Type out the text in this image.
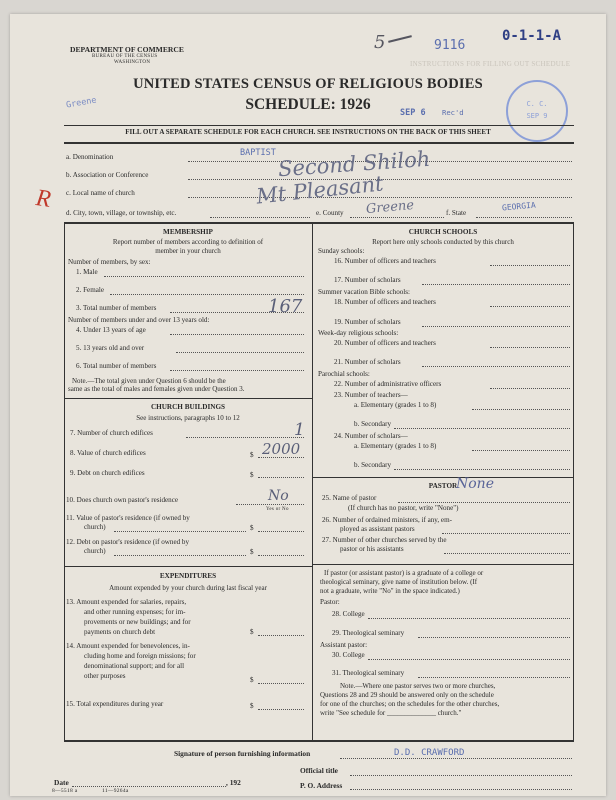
INSTRUCTIONS FOR FILLING OUT SCHEDULE
DEPARTMENT OF COMMERCE
BUREAU OF THE CENSUS
WASHINGTON
5	9116
0-1-1-A
Greene
UNITED STATES CENSUS OF RELIGIOUS BODIES
SCHEDULE: 1926	SEP 6 Rec'd
C. C.
SEP 9
FILL OUT A SEPARATE SCHEDULE FOR EACH CHURCH. SEE INSTRUCTIONS ON THE BACK OF THIS SHEET
a. Denomination	BAPTIST
b. Association or Conference	Second Shiloh
c. Local name of church	Mt Pleasant
R
d. City, town, village, or township, etc.	e. County Greene	f. State
GEORGIA
MEMBERSHIP
Report number of members according to definition of
member in your church
Number of members, by sex:
1. Male
2. Female
3. Total number of members	167
Number of members under and over 13 years old:
4. Under 13 years of age
5. 13 years old and over
6. Total number of members
Note.—The total given under Question 6 should be the
same as the total of males and females given under Question 3.
CHURCH BUILDINGS
See instructions, paragraphs 10 to 12
7. Number of church edifices	1
8. Value of church edifices	$ 2000
9. Debt on church edifices	$
10. Does church own pastor's residence	No
Yes or No
11. Value of pastor's residence (if owned by
church)	$
12. Debt on pastor's residence (if owned by
church)	$
EXPENDITURES
Amount expended by your church during last fiscal year
13. Amount expended for salaries, repairs,
and other running expenses; for im-
provements or new buildings; and for
payments on church debt	$
14. Amount expended for benevolences, in-
cluding home and foreign missions; for
denominational support; and for all
other purposes	$
15. Total expenditures during year	$
CHURCH SCHOOLS
Report here only schools conducted by this church
Sunday schools:
16. Number of officers and teachers
17. Number of scholars
Summer vacation Bible schools:
18. Number of officers and teachers
19. Number of scholars
Week-day religious schools:
20. Number of officers and teachers
21. Number of scholars
Parochial schools:
22. Number of administrative officers
23. Number of teachers—
a. Elementary (grades 1 to 8)
b. Secondary
24. Number of scholars—
a. Elementary (grades 1 to 8)
b. Secondary
PASTOR
None
25. Name of pastor
(If church has no pastor, write "None")
26. Number of ordained ministers, if any, em-
ployed as assistant pastors
27. Number of other churches served by the
pastor or his assistants
If pastor (or assistant pastor) is a graduate of a college or
theological seminary, give name of institution below. (If
not a graduate, write "No" in the space indicated.)
Pastor:
28. College
29. Theological seminary
Assistant pastor:
30. College
31. Theological seminary
Note.—Where one pastor serves two or more churches,
Questions 28 and 29 should be answered only on the schedule
for one of the churches; on the schedules for the other churches,
write "See schedule for ______________ church."
Signature of person furnishing information	D.D. CRAWFORD
Official title
Date	, 192	P. O. Address
8—5518 a	11—9264a
